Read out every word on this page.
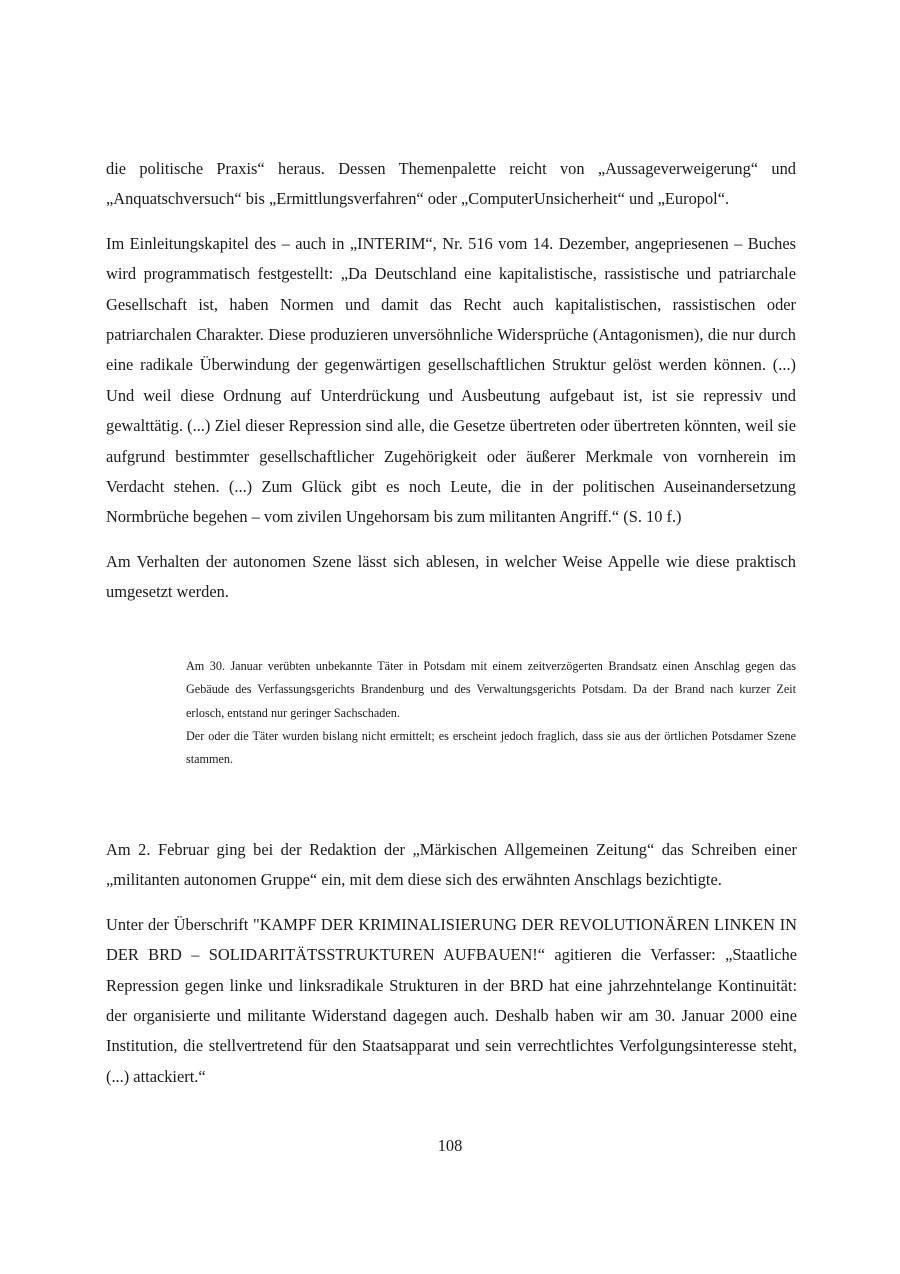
die politische Praxis“ heraus. Dessen Themenpalette reicht von „Aussageverweigerung“ und „Anquatschversuch“ bis „Ermittlungsverfahren“ oder „ComputerUnsicherheit“ und „Europol“.

Im Einleitungskapitel des – auch in „INTERIM“, Nr. 516 vom 14. Dezember, angepriesenen – Buches wird programmatisch festgestellt: „Da Deutschland eine kapitalistische, rassistische und patriarchale Gesellschaft ist, haben Normen und damit das Recht auch kapitalistischen, rassistischen oder patriarchalen Charakter. Diese produzieren unversöhnliche Widersprüche (Antagonismen), die nur durch eine radikale Überwindung der gegenwärtigen gesellschaftlichen Struktur gelöst werden können. (...) Und weil diese Ordnung auf Unterdrückung und Ausbeutung aufgebaut ist, ist sie repressiv und gewalttätig. (...) Ziel dieser Repression sind alle, die Gesetze übertreten oder übertreten könnten, weil sie aufgrund bestimmter gesellschaftlicher Zugehörigkeit oder äußerer Merkmale von vornherein im Verdacht stehen. (...) Zum Glück gibt es noch Leute, die in der politischen Auseinandersetzung Normbrüche begehen – vom zivilen Ungehorsam bis zum militanten Angriff.“ (S. 10 f.)

Am Verhalten der autonomen Szene lässt sich ablesen, in welcher Weise Appelle wie diese praktisch umgesetzt werden.

Am 30. Januar verübten unbekannte Täter in Potsdam mit einem zeitverzögerten Brandsatz einen Anschlag gegen das Gebäude des Verfassungsgerichts Brandenburg und des Verwaltungsgerichts Potsdam. Da der Brand nach kurzer Zeit erlosch, entstand nur geringer Sachschaden.

Der oder die Täter wurden bislang nicht ermittelt; es erscheint jedoch fraglich, dass sie aus der örtlichen Potsdamer Szene stammen.

Am 2. Februar ging bei der Redaktion der „Märkischen Allgemeinen Zeitung“ das Schreiben einer „militanten autonomen Gruppe“ ein, mit dem diese sich des erwähnten Anschlags bezichtigte.

Unter der Überschrift "KAMPF DER KRIMINALISIERUNG DER REVOLUTIONÄREN LINKEN IN DER BRD – SOLIDARITÄTSSTRUKTUREN AUFBAUEN!“ agitieren die Verfasser: „Staatliche Repression gegen linke und linksradikale Strukturen in der BRD hat eine jahrzehntelange Kontinuität: der organisierte und militante Widerstand dagegen auch. Deshalb haben wir am 30. Januar 2000 eine Institution, die stellvertretend für den Staatsapparat und sein verrechtlichtes Verfolgungsinteresse steht, (...) attackiert.“

108
